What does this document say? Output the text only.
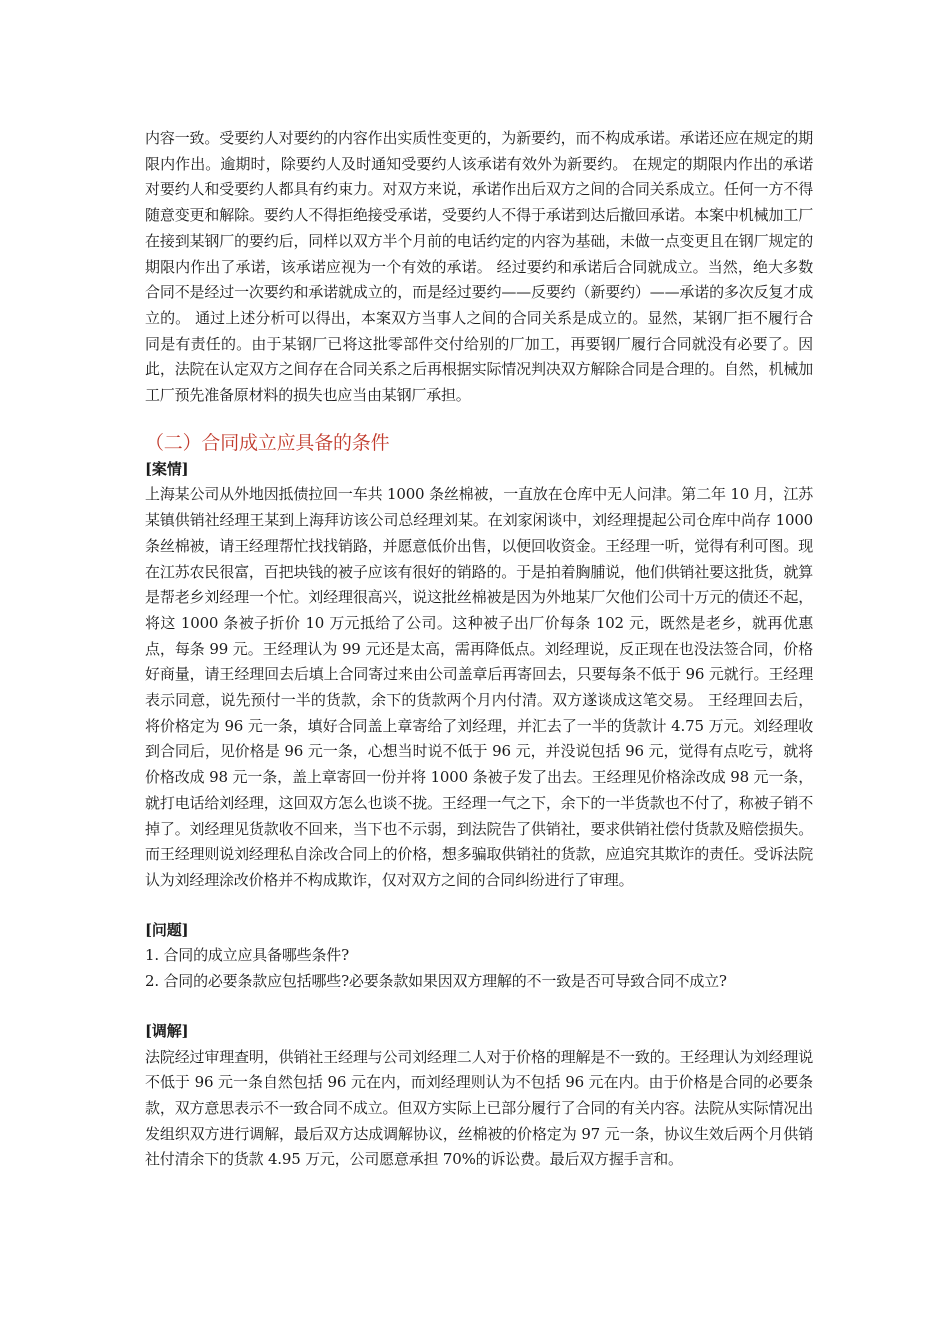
内容一致。受要约人对要约的内容作出实质性变更的，为新要约，而不构成承诺。承诺还应在规定的期限内作出。逾期时，除要约人及时通知受要约人该承诺有效外为新要约。 在规定的期限内作出的承诺对要约人和受要约人都具有约束力。对双方来说，承诺作出后双方之间的合同关系成立。任何一方不得随意变更和解除。要约人不得拒绝接受承诺，受要约人不得于承诺到达后撤回承诺。本案中机械加工厂在接到某钢厂的要约后，同样以双方半个月前的电话约定的内容为基础，未做一点变更且在钢厂规定的期限内作出了承诺，该承诺应视为一个有效的承诺。 经过要约和承诺后合同就成立。当然，绝大多数合同不是经过一次要约和承诺就成立的，而是经过要约——反要约（新要约）——承诺的多次反复才成立的。 通过上述分析可以得出，本案双方当事人之间的合同关系是成立的。显然，某钢厂拒不履行合同是有责任的。由于某钢厂已将这批零部件交付给别的厂加工，再要钢厂履行合同就没有必要了。因此，法院在认定双方之间存在合同关系之后再根据实际情况判决双方解除合同是合理的。自然，机械加工厂预先准备原材料的损失也应当由某钢厂承担。

（二）合同成立应具备的条件

[案情]

上海某公司从外地因抵债拉回一车共 1000 条丝棉被，一直放在仓库中无人问津。第二年 10 月，江苏某镇供销社经理王某到上海拜访该公司总经理刘某。在刘家闲谈中，刘经理提起公司仓库中尚存 1000 条丝棉被，请王经理帮忙找找销路，并愿意低价出售，以便回收资金。王经理一听，觉得有利可图。现在江苏农民很富，百把块钱的被子应该有很好的销路的。于是拍着胸脯说，他们供销社要这批货，就算是帮老乡刘经理一个忙。刘经理很高兴，说这批丝棉被是因为外地某厂欠他们公司十万元的债还不起，将这 1000 条被子折价 10 万元抵给了公司。这种被子出厂价每条 102 元，既然是老乡，就再优惠点，每条 99 元。王经理认为 99 元还是太高，需再降低点。刘经理说，反正现在也没法签合同，价格好商量，请王经理回去后填上合同寄过来由公司盖章后再寄回去，只要每条不低于 96 元就行。王经理表示同意，说先预付一半的货款，余下的货款两个月内付清。双方遂谈成这笔交易。 王经理回去后，将价格定为 96 元一条，填好合同盖上章寄给了刘经理，并汇去了一半的货款计 4.75 万元。刘经理收到合同后，见价格是 96 元一条，心想当时说不低于 96 元，并没说包括 96 元，觉得有点吃亏，就将价格改成 98 元一条，盖上章寄回一份并将 1000 条被子发了出去。王经理见价格涂改成 98 元一条，就打电话给刘经理，这回双方怎么也谈不拢。王经理一气之下，余下的一半货款也不付了，称被子销不掉了。刘经理见货款收不回来，当下也不示弱，到法院告了供销社，要求供销社偿付货款及赔偿损失。而王经理则说刘经理私自涂改合同上的价格，想多骗取供销社的货款，应追究其欺诈的责任。受诉法院认为刘经理涂改价格并不构成欺诈，仅对双方之间的合同纠纷进行了审理。

[问题]

1. 合同的成立应具备哪些条件?

2. 合同的必要条款应包括哪些?必要条款如果因双方理解的不一致是否可导致合同不成立?

[调解]

法院经过审理查明，供销社王经理与公司刘经理二人对于价格的理解是不一致的。王经理认为刘经理说不低于 96 元一条自然包括 96 元在内，而刘经理则认为不包括 96 元在内。由于价格是合同的必要条款，双方意思表示不一致合同不成立。但双方实际上已部分履行了合同的有关内容。法院从实际情况出发组织双方进行调解，最后双方达成调解协议，丝棉被的价格定为 97 元一条，协议生效后两个月供销社付清余下的货款 4.95 万元，公司愿意承担 70%的诉讼费。最后双方握手言和。
